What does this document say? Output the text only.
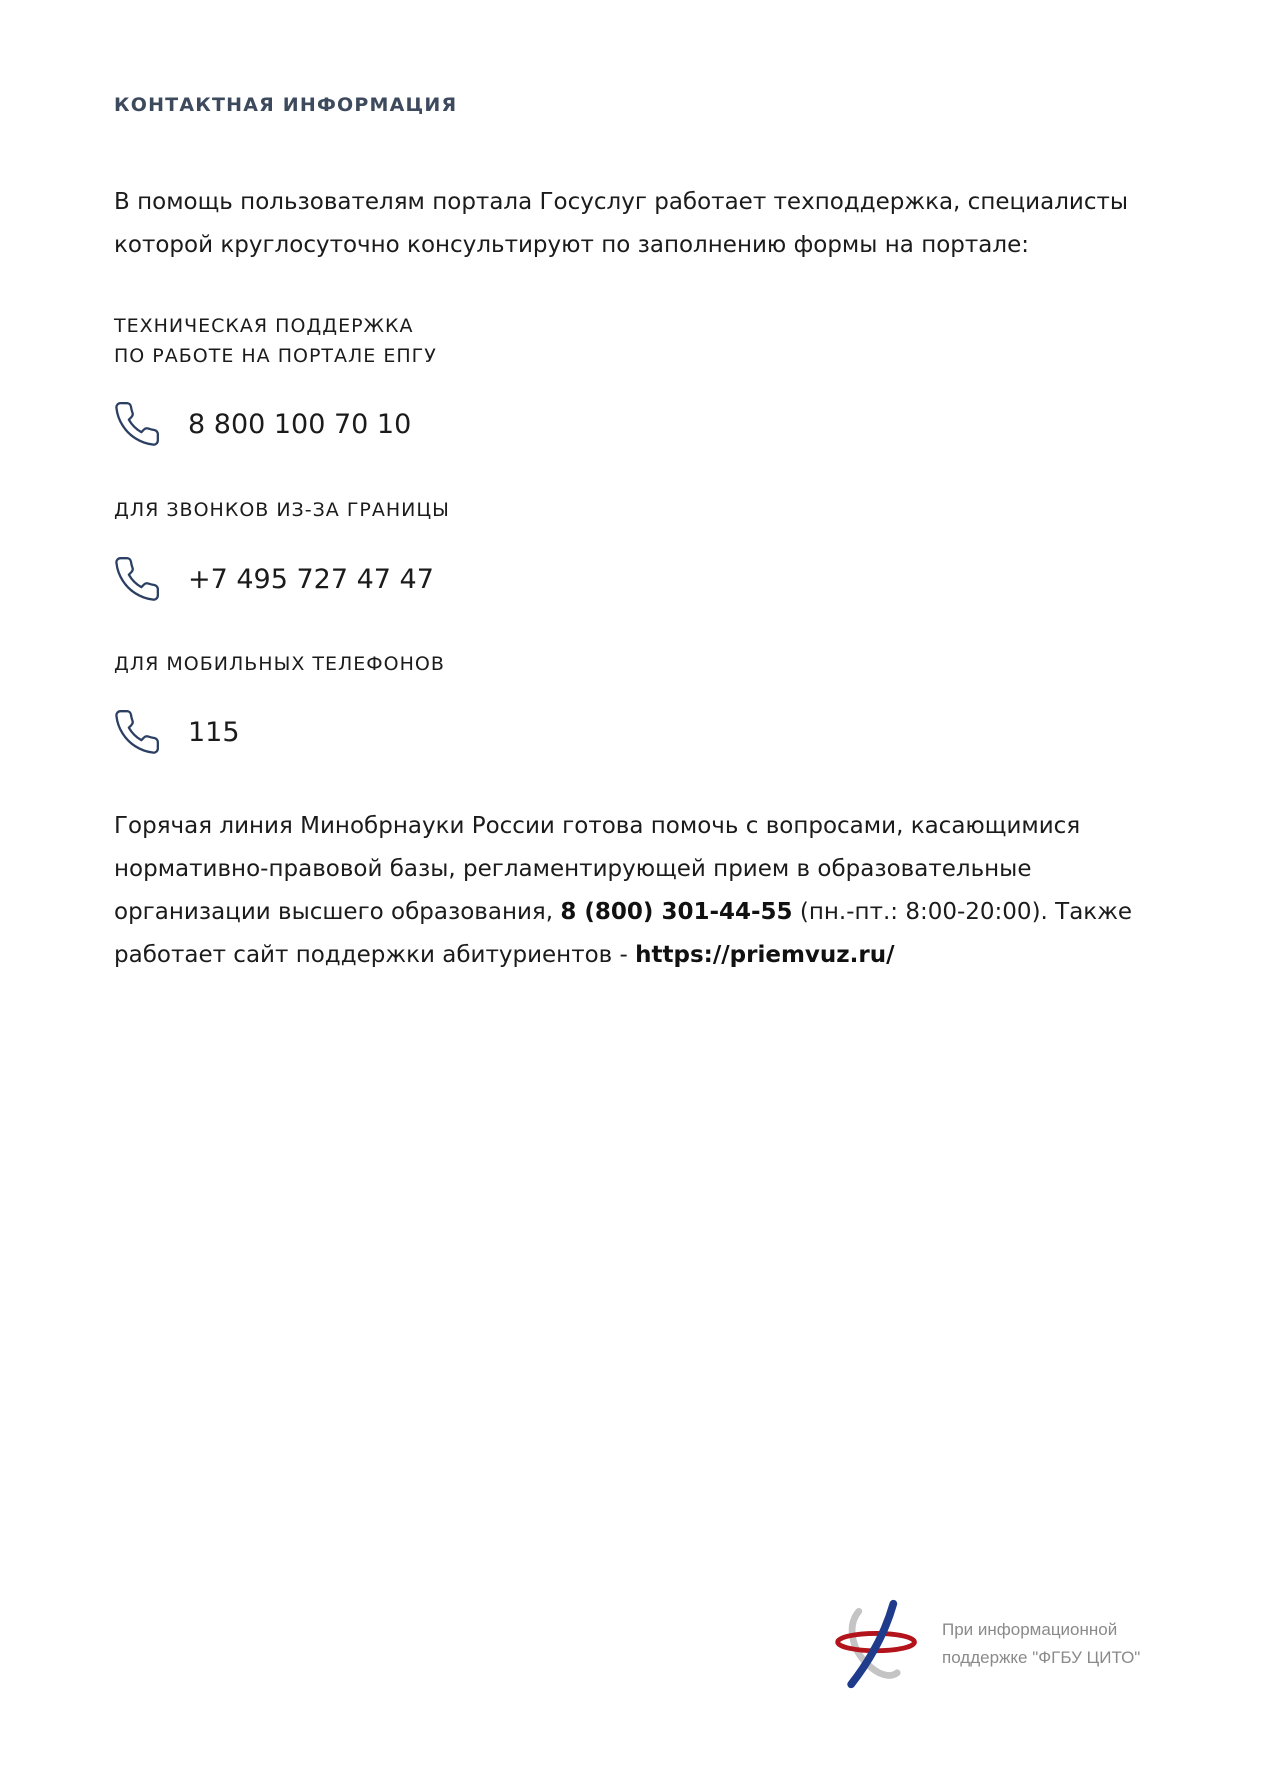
КОНТАКТНАЯ ИНФОРМАЦИЯ

В помощь пользователям портала Госуслуг работает техподдержка, специалисты которой круглосуточно консультируют по заполнению формы на портале:

ТЕХНИЧЕСКАЯ ПОДДЕРЖКА
ПО РАБОТЕ НА ПОРТАЛЕ ЕПГУ
8 800 100 70 10
ДЛЯ ЗВОНКОВ ИЗ-ЗА ГРАНИЦЫ
+7 495 727 47 47
ДЛЯ МОБИЛЬНЫХ ТЕЛЕФОНОВ
115

Горячая линия Минобрнауки России готова помочь с вопросами, касающимися нормативно-правовой базы, регламентирующей прием в образовательные организации высшего образования, 8 (800) 301-44-55 (пн.-пт.: 8:00-20:00). Также работает сайт поддержки абитуриентов - https://priemvuz.ru/

При информационной
поддержке "ФГБУ ЦИТО"
